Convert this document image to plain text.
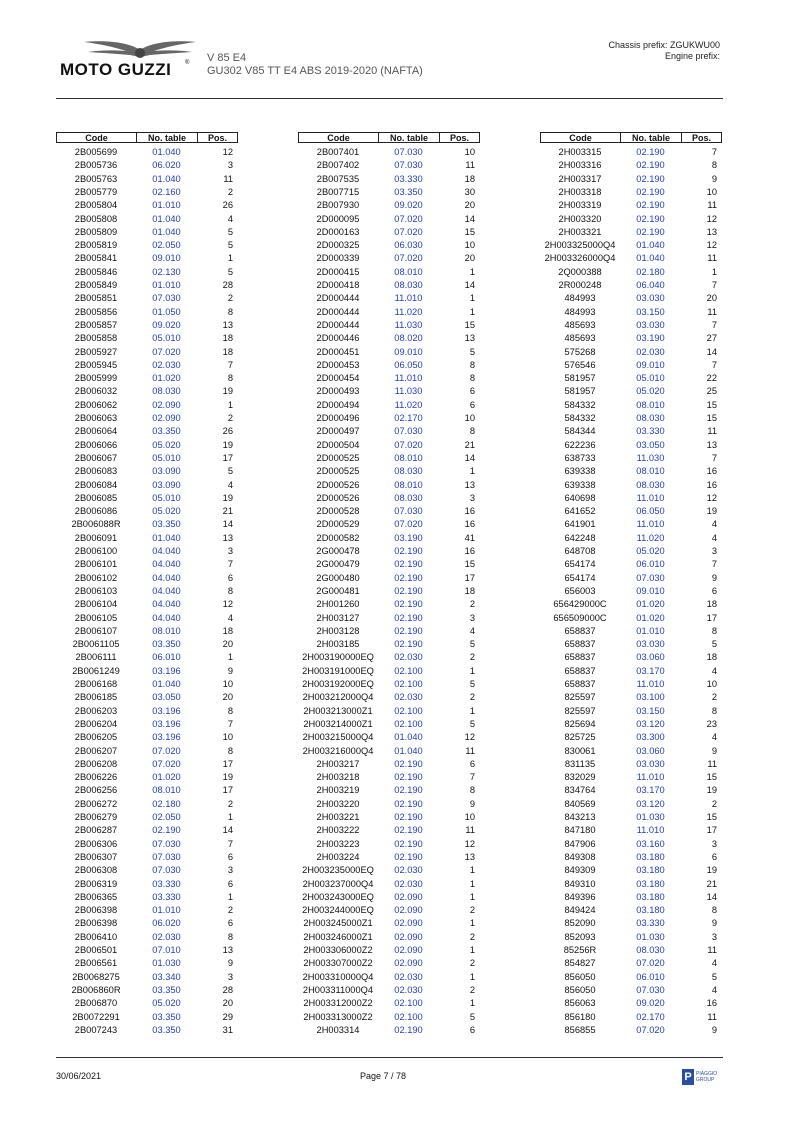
MOTO GUZZI ® V 85 E4
GU302 V85 TT E4 ABS 2019-2020 (NAFTA)
Chassis prefix: ZGUKWU00
Engine prefix:
Code	No. table	Pos.
2B005699	01.040	12
2B005736	06.020	3
2B005763	01.040	11
2B005779	02.160	2
2B005804	01.010	26
2B005808	01.040	4
2B005809	01.040	5
2B005819	02.050	5
2B005841	09.010	1
2B005846	02.130	5
2B005849	01.010	28
2B005851	07.030	2
2B005856	01.050	8
2B005857	09.020	13
2B005858	05.010	18
2B005927	07.020	18
2B005945	02.030	7
2B005999	01.020	8
2B006032	08.030	19
2B006062	02.090	1
2B006063	02.090	2
2B006064	03.350	26
2B006066	05.020	19
2B006067	05.010	17
2B006083	03.090	5
2B006084	03.090	4
2B006085	05.010	19
2B006086	05.020	21
2B006088R	03.350	14
2B006091	01.040	13
2B006100	04.040	3
2B006101	04.040	7
2B006102	04.040	6
2B006103	04.040	8
2B006104	04.040	12
2B006105	04.040	4
2B006107	08.010	18
2B0061105	03.350	20
2B006111	06.010	1
2B0061249	03.196	9
2B006168	01.040	10
2B006185	03.050	20
2B006203	03.196	8
2B006204	03.196	7
2B006205	03.196	10
2B006207	07.020	8
2B006208	07.020	17
2B006226	01.020	19
2B006256	08.010	17
2B006272	02.180	2
2B006279	02.050	1
2B006287	02.190	14
2B006306	07.030	7
2B006307	07.030	6
2B006308	07.030	3
2B006319	03.330	6
2B006365	03.330	1
2B006398	01.010	2
2B006398	06.020	6
2B006410	02.030	8
2B006501	07.010	13
2B006561	01.030	9
2B0068275	03.340	3
2B006860R	03.350	28
2B006870	05.020	20
2B0072291	03.350	29
2B007243	03.350	31
Code	No. table	Pos.
2B007401	07.030	10
2B007402	07.030	11
2B007535	03.330	18
2B007715	03.350	30
2B007930	09.020	20
2D000095	07.020	14
2D000163	07.020	15
2D000325	06.030	10
2D000339	07.020	20
2D000415	08.010	1
2D000418	08.030	14
2D000444	11.010	1
2D000444	11.020	1
2D000444	11.030	15
2D000446	08.020	13
2D000451	09.010	5
2D000453	06.050	8
2D000454	11.010	8
2D000493	11.030	6
2D000494	11.020	6
2D000496	02.170	10
2D000497	07.030	8
2D000504	07.020	21
2D000525	08.010	14
2D000525	08.030	1
2D000526	08.010	13
2D000526	08.030	3
2D000528	07.030	16
2D000529	07.020	16
2D000582	03.190	41
2G000478	02.190	16
2G000479	02.190	15
2G000480	02.190	17
2G000481	02.190	18
2H001260	02.190	2
2H003127	02.190	3
2H003128	02.190	4
2H003185	02.190	5
2H003190000EQ	02.030	2
2H003191000EQ	02.100	1
2H003192000EQ	02.100	5
2H003212000Q4	02.030	2
2H003213000Z1	02.100	1
2H003214000Z1	02.100	5
2H003215000Q4	01.040	12
2H003216000Q4	01.040	11
2H003217	02.190	6
2H003218	02.190	7
2H003219	02.190	8
2H003220	02.190	9
2H003221	02.190	10
2H003222	02.190	11
2H003223	02.190	12
2H003224	02.190	13
2H003235000EQ	02.030	1
2H003237000Q4	02.030	1
2H003243000EQ	02.090	1
2H003244000EQ	02.090	2
2H003245000Z1	02.090	1
2H003246000Z1	02.090	2
2H003306000Z2	02.090	1
2H003307000Z2	02.090	2
2H003310000Q4	02.030	1
2H003311000Q4	02.030	2
2H003312000Z2	02.100	1
2H003313000Z2	02.100	5
2H003314	02.190	6
Code	No. table	Pos.
2H003315	02.190	7
2H003316	02.190	8
2H003317	02.190	9
2H003318	02.190	10
2H003319	02.190	11
2H003320	02.190	12
2H003321	02.190	13
2H003325000Q4	01.040	12
2H003326000Q4	01.040	11
2Q000388	02.180	1
2R000248	06.040	7
484993	03.030	20
484993	03.150	11
485693	03.030	7
485693	03.190	27
575268	02.030	14
576546	09.010	7
581957	05.010	22
581957	05.020	25
584332	08.010	15
584332	08.030	15
584344	03.330	11
622236	03.050	13
638733	11.030	7
639338	08.010	16
639338	08.030	16
640698	11.010	12
641652	06.050	19
641901	11.010	4
642248	11.020	4
648708	05.020	3
654174	06.010	7
654174	07.030	9
656003	09.010	6
656429000C	01.020	18
656509000C	01.020	17
658837	01.010	8
658837	03.030	5
658837	03.060	18
658837	03.170	4
658837	11.010	10
825597	03.100	2
825597	03.150	8
825694	03.120	23
825725	03.300	4
830061	03.060	9
831135	03.030	11
832029	11.010	15
834764	03.170	19
840569	03.120	2
843213	01.030	15
847180	11.010	17
847906	03.160	3
849308	03.180	6
849309	03.180	19
849310	03.180	21
849396	03.180	14
849424	03.180	8
852090	03.330	9
852093	01.030	3
85256R	08.030	11
854827	07.020	4
856050	06.010	5
856050	07.030	4
856063	09.020	16
856180	02.170	11
856855	07.020	9
30/06/2021	Page 7 / 78	P PIAGGIO
GROUP
